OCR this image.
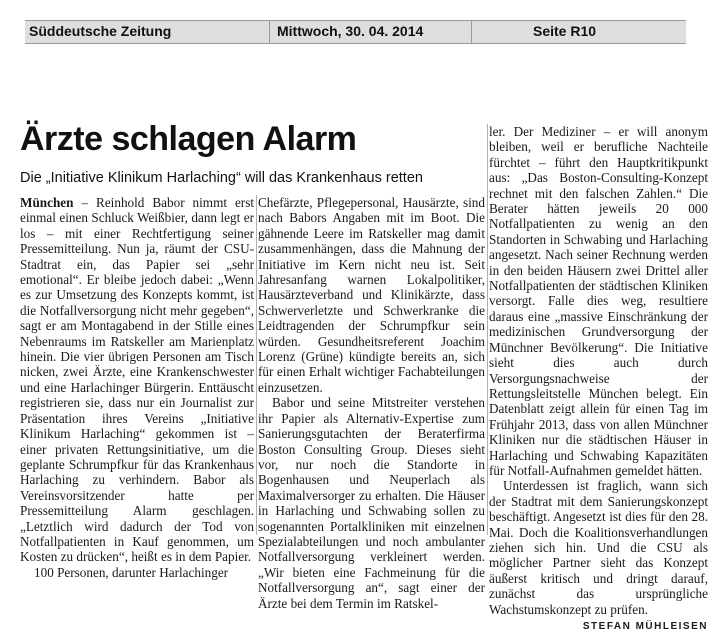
Süddeutsche Zeitung	Mittwoch, 30. 04. 2014	Seite R10
Ärzte schlagen Alarm
Die „Initiative Klinikum Harlaching“ will das Krankenhaus retten

München – Reinhold Babor nimmt erst einmal einen Schluck Weißbier, dann legt er los – mit einer Rechtfertigung seiner Pressemitteilung. Nun ja, räumt der CSU-Stadtrat ein, das Papier sei „sehr emotional“. Er bleibe jedoch dabei: „Wenn es zur Umsetzung des Konzepts kommt, ist die Notfallversorgung nicht mehr gegeben“, sagt er am Montagabend in der Stille eines Nebenraums im Ratskeller am Marienplatz hinein. Die vier übrigen Personen am Tisch nicken, zwei Ärzte, eine Krankenschwester und eine Harlachinger Bürgerin. Enttäuscht registrieren sie, dass nur ein Journalist zur Präsentation ihres Vereins „Initiative Klinikum Harlaching“ gekommen ist – einer privaten Rettungsinitiative, um die geplante Schrumpfkur für das Krankenhaus Harlaching zu verhindern. Babor als Vereinsvorsitzender hatte per Pressemitteilung Alarm geschlagen. „Letztlich wird dadurch der Tod von Notfallpatienten in Kauf genommen, um Kosten zu drücken“, heißt es in dem Papier.

100 Personen, darunter Harlachinger

Chefärzte, Pflegepersonal, Hausärzte, sind nach Babors Angaben mit im Boot. Die gähnende Leere im Ratskeller mag damit zusammenhängen, dass die Mahnung der Initiative im Kern nicht neu ist. Seit Jahresanfang warnen Lokalpolitiker, Hausärzteverband und Klinikärzte, dass Schwerverletzte und Schwerkranke die Leidtragenden der Schrumpfkur sein würden. Gesundheitsreferent Joachim Lorenz (Grüne) kündigte bereits an, sich für einen Erhalt wichtiger Fachabteilungen einzusetzen.

Babor und seine Mitstreiter verstehen ihr Papier als Alternativ-Expertise zum Sanierungsgutachten der Beraterfirma Boston Consulting Group. Dieses sieht vor, nur noch die Standorte in Bogenhausen und Neuperlach als Maximalversorger zu erhalten. Die Häuser in Harlaching und Schwabing sollen zu sogenannten Portalkliniken mit einzelnen Spezialabteilungen und noch ambulanter Notfallversorgung verkleinert werden. „Wir bieten eine Fachmeinung für die Notfallversorgung an“, sagt einer der Ärzte bei dem Termin im Ratskel-

ler. Der Mediziner – er will anonym bleiben, weil er berufliche Nachteile fürchtet – führt den Hauptkritikpunkt aus: „Das Boston-Consulting-Konzept rechnet mit den falschen Zahlen.“ Die Berater hätten jeweils 20 000 Notfallpatienten zu wenig an den Standorten in Schwabing und Harlaching angesetzt. Nach seiner Rechnung werden in den beiden Häusern zwei Drittel aller Notfallpatienten der städtischen Kliniken versorgt. Falle dies weg, resultiere daraus eine „massive Einschränkung der medizinischen Grundversorgung der Münchner Bevölkerung“. Die Initiative sieht dies auch durch Versorgungsnachweise der Rettungsleitstelle München belegt. Ein Datenblatt zeigt allein für einen Tag im Frühjahr 2013, dass von allen Münchner Kliniken nur die städtischen Häuser in Harlaching und Schwabing Kapazitäten für Notfall-Aufnahmen gemeldet hätten.

Unterdessen ist fraglich, wann sich der Stadtrat mit dem Sanierungskonzept beschäftigt. Angesetzt ist dies für den 28. Mai. Doch die Koalitionsverhandlungen ziehen sich hin. Und die CSU als möglicher Partner sieht das Konzept äußerst kritisch und dringt darauf, zunächst das ursprüngliche Wachstumskonzept zu prüfen.

STEFAN MÜHLEISEN
